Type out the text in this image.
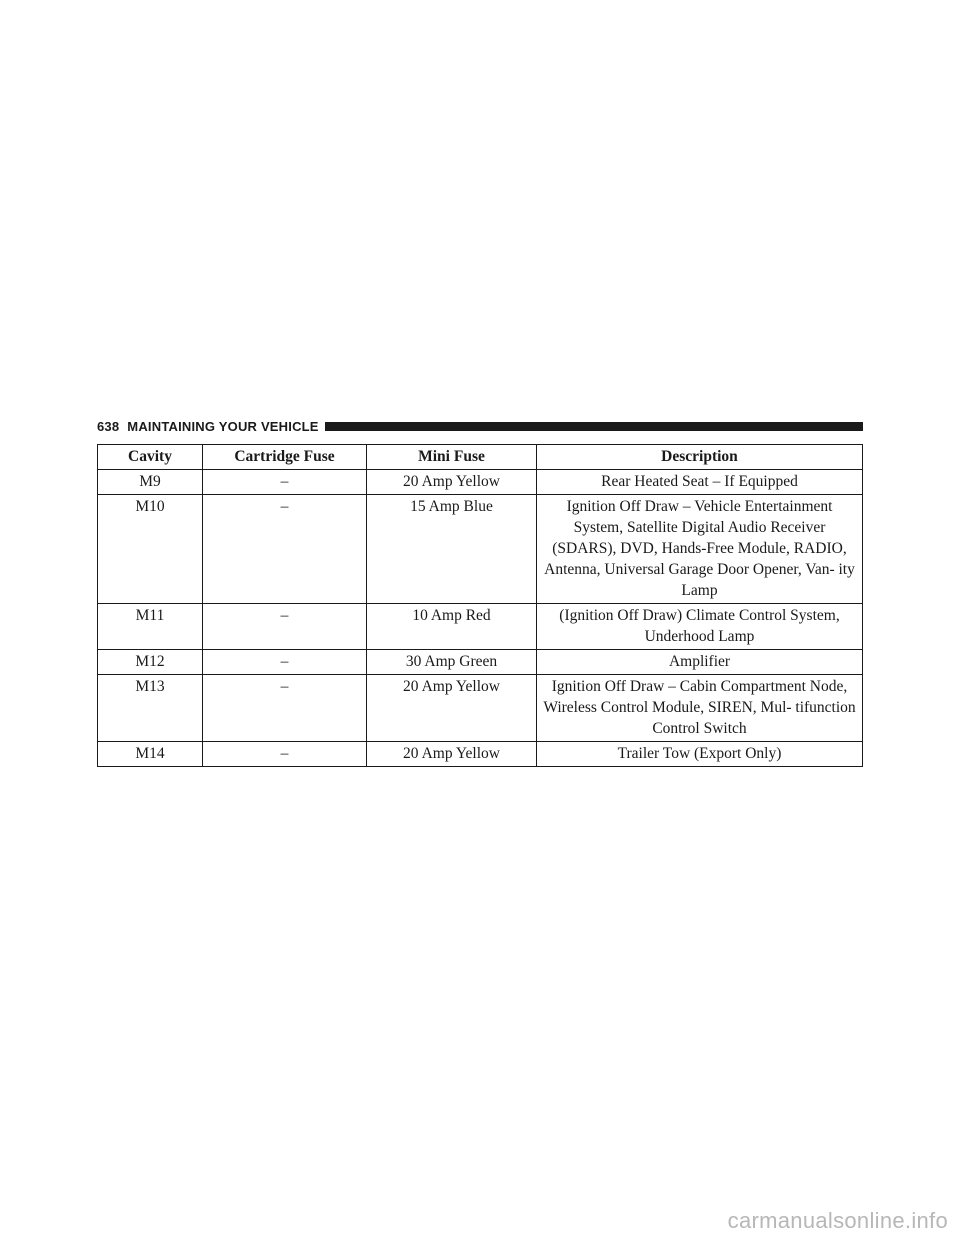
638 MAINTAINING YOUR VEHICLE
Cavity	Cartridge Fuse	Mini Fuse	Description
M9	–	20 Amp Yellow	Rear Heated Seat – If Equipped
M10	–	15 Amp Blue	Ignition Off Draw – Vehicle Entertainment System, Satellite Digital Audio Receiver (SDARS), DVD, Hands-Free Module, RADIO, Antenna, Universal Garage Door Opener, Van- ity Lamp
M11	–	10 Amp Red	(Ignition Off Draw) Climate Control System, Underhood Lamp
M12	–	30 Amp Green	Amplifier
M13	–	20 Amp Yellow	Ignition Off Draw – Cabin Compartment Node, Wireless Control Module, SIREN, Mul- tifunction Control Switch
M14	–	20 Amp Yellow	Trailer Tow (Export Only)
carmanualsonline.info
